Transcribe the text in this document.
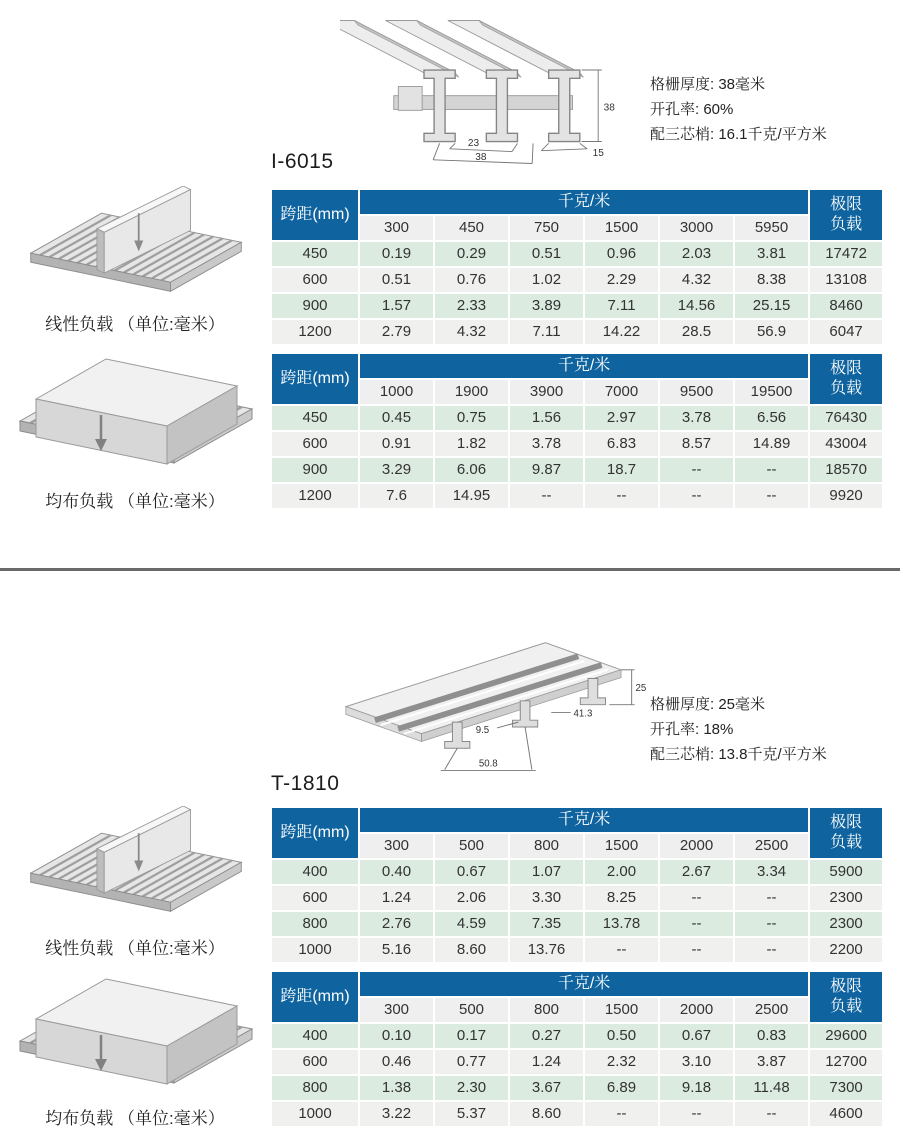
38
15
23
38
格栅厚度: 38毫米
开孔率: 60%
配三芯梢: 16.1千克/平方米
I-6015
线性负载 （单位:毫米）
跨距(mm)	千克/米						极限负载
	300	450	750	1500	3000	5950	
450	0.19	0.29	0.51	0.96	2.03	3.81	17472
600	0.51	0.76	1.02	2.29	4.32	8.38	13108
900	1.57	2.33	3.89	7.11	14.56	25.15	8460
1200	2.79	4.32	7.11	14.22	28.5	56.9	6047
均布负载 （单位:毫米）
跨距(mm)	千克/米						极限负载
	1000	1900	3900	7000	9500	19500	
450	0.45	0.75	1.56	2.97	3.78	6.56	76430
600	0.91	1.82	3.78	6.83	8.57	14.89	43004
900	3.29	6.06	9.87	18.7	--	--	18570
1200	7.6	14.95	--	--	--	--	9920
25
41.3
9.5
50.8
格栅厚度: 25毫米
开孔率: 18%
配三芯梢: 13.8千克/平方米
T-1810
线性负载 （单位:毫米）
跨距(mm)	千克/米						极限负载
	300	500	800	1500	2000	2500	
400	0.40	0.67	1.07	2.00	2.67	3.34	5900
600	1.24	2.06	3.30	8.25	--	--	2300
800	2.76	4.59	7.35	13.78	--	--	2300
1000	5.16	8.60	13.76	--	--	--	2200
均布负载 （单位:毫米）
跨距(mm)	千克/米						极限负载
	300	500	800	1500	2000	2500	
400	0.10	0.17	0.27	0.50	0.67	0.83	29600
600	0.46	0.77	1.24	2.32	3.10	3.87	12700
800	1.38	2.30	3.67	6.89	9.18	11.48	7300
1000	3.22	5.37	8.60	--	--	--	4600
